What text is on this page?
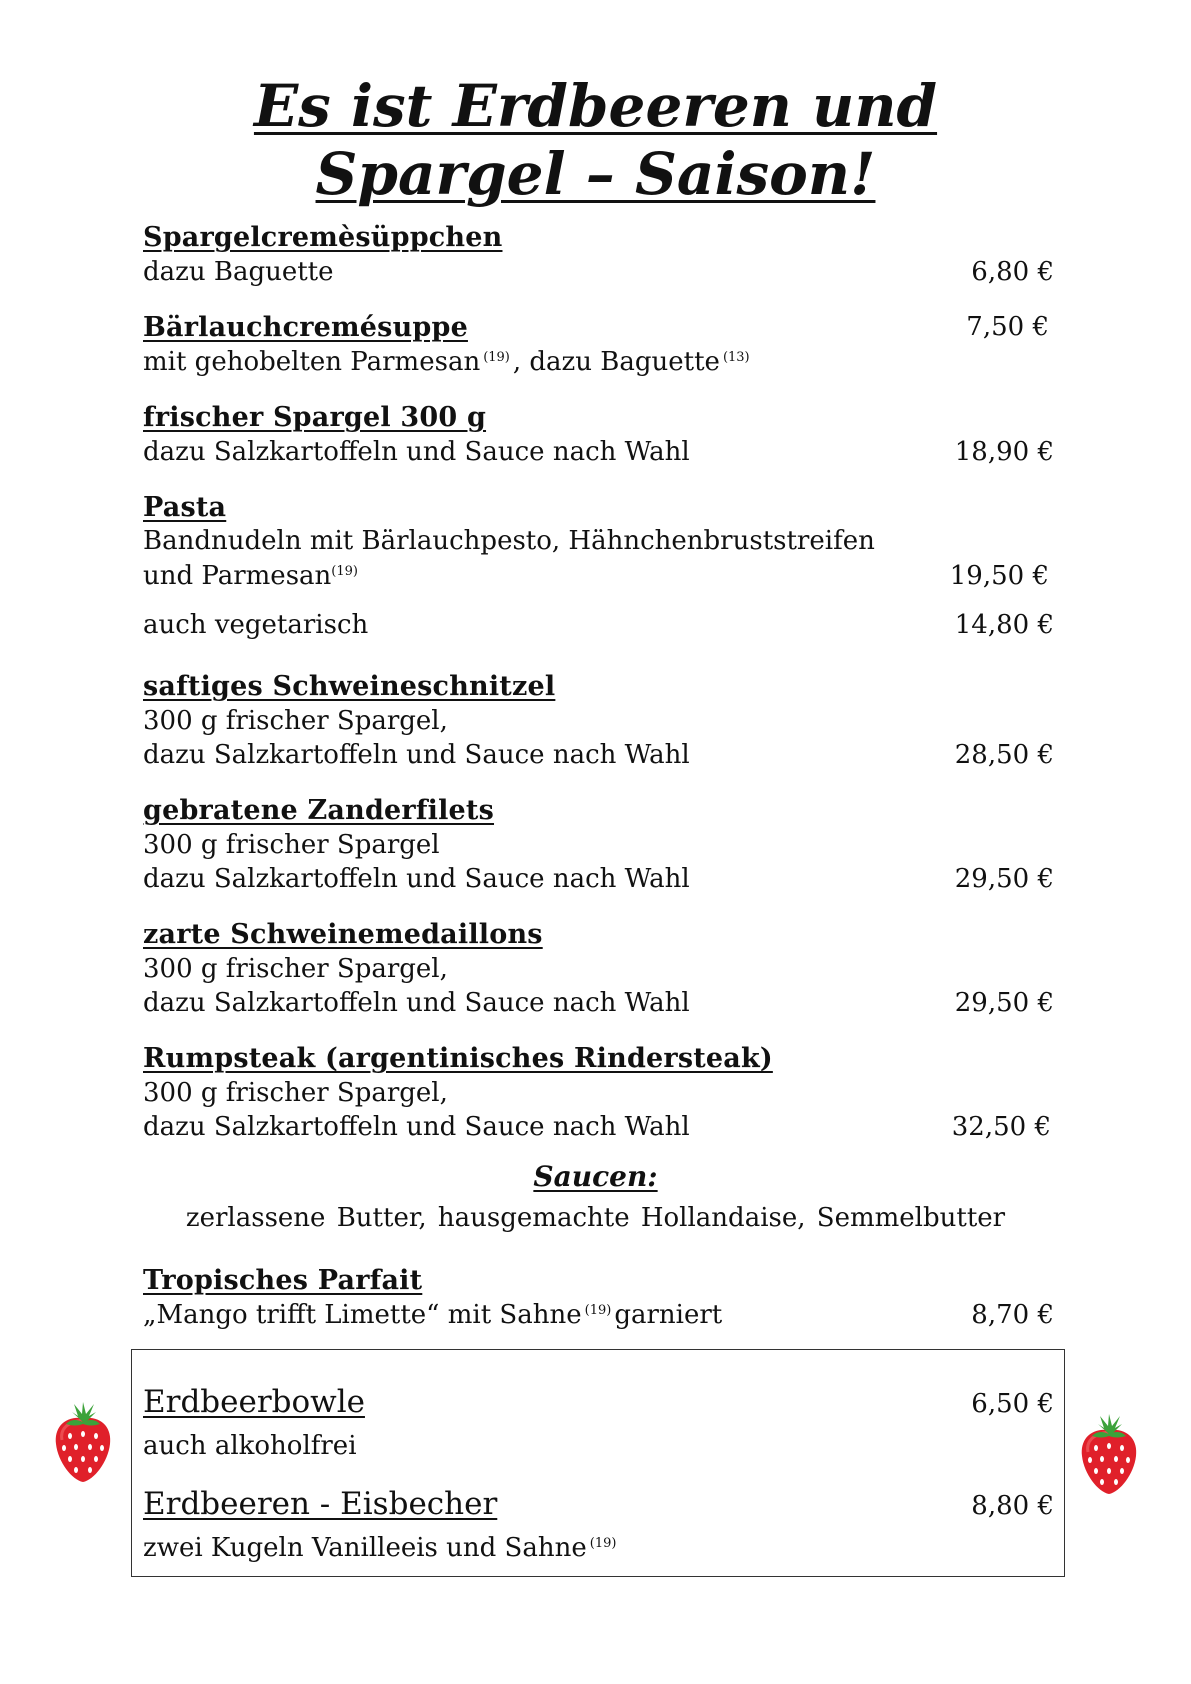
Es ist Erdbeeren und
Spargel – Saison!
Spargelcremèsüppchen
dazu Baguette	6,80 €
Bärlauchcremésuppe	7,50 €
mit gehobelten Parmesan $^{(19)}$ , dazu Baguette $^{(13)}$
frischer Spargel 300 g
dazu Salzkartoffeln und Sauce nach Wahl	18,90 €
Pasta
Bandnudeln mit Bärlauchpesto, Hähnchenbruststreifen
und Parmesan$^{(19)}$	19,50 €
auch vegetarisch	14,80 €
saftiges Schweineschnitzel
300 g frischer Spargel,
dazu Salzkartoffeln und Sauce nach Wahl	28,50 €
gebratene Zanderfilets
300 g frischer Spargel
dazu Salzkartoffeln und Sauce nach Wahl	29,50 €
zarte Schweinemedaillons
300 g frischer Spargel,
dazu Salzkartoffeln und Sauce nach Wahl	29,50 €
Rumpsteak (argentinisches Rindersteak)
300 g frischer Spargel,
dazu Salzkartoffeln und Sauce nach Wahl	32,50 €
Saucen:
zerlassene Butter, hausgemachte Hollandaise, Semmelbutter
Tropisches Parfait
„Mango trifft Limette“ mit Sahne $^{(19)}$ garniert	8,70 €
Erdbeerbowle	6,50 €
auch alkoholfrei
Erdbeeren - Eisbecher	8,80 €
zwei Kugeln Vanilleeis und Sahne $^{(19)}$
